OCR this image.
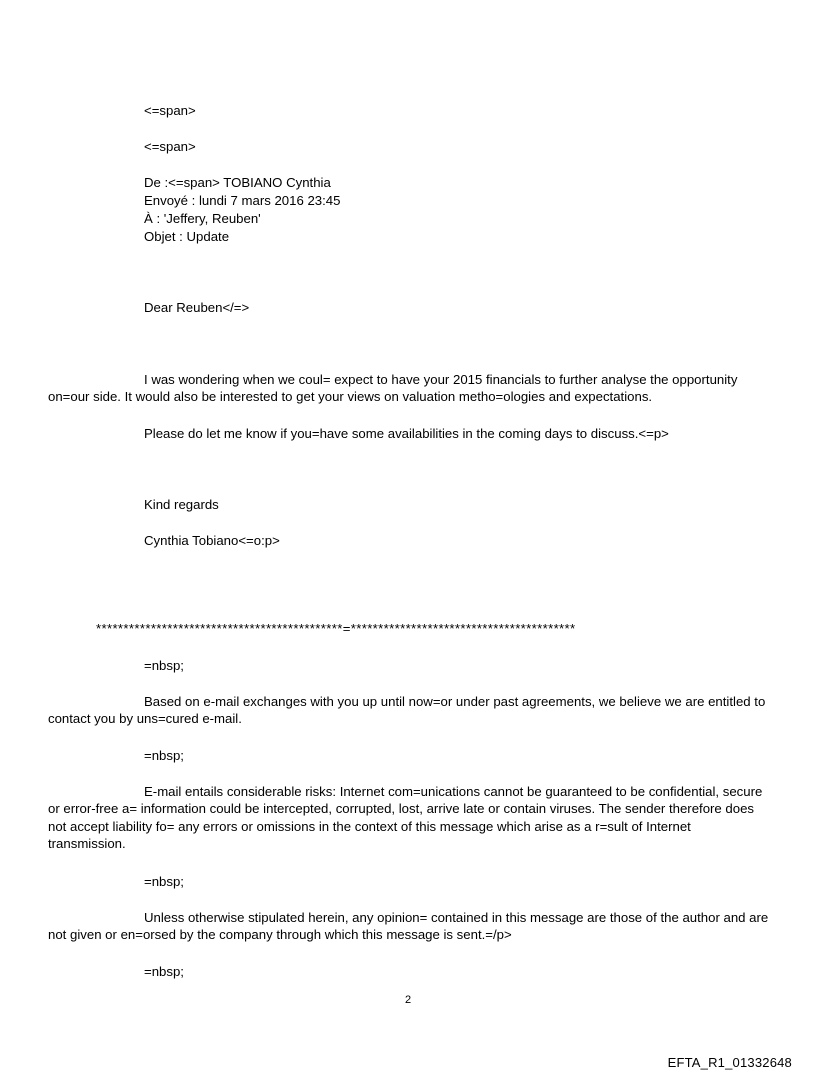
<=span>
<=span>
De :<=span> TOBIANO Cynthia
Envoyé : lundi 7 mars 2016 23:45
À : 'Jeffery, Reuben'
Objet : Update
Dear Reuben</=>
I was wondering when we coul= expect to have your 2015 financials to further analyse the opportunity on=our side. It would also be interested to get your views on valuation metho=ologies and expectations.
Please do let me know if you=have some availabilities in the coming days to discuss.<=p>
Kind regards
Cynthia Tobiano<=o:p>
*********************************************=*****************************************
=nbsp;
Based on e-mail exchanges with you up until now=or under past agreements, we believe we are entitled to contact you by uns=cured e-mail.
=nbsp;
E-mail entails considerable risks: Internet com=unications cannot be guaranteed to be confidential, secure or error-free a= information could be intercepted, corrupted, lost, arrive late or contain viruses. The sender therefore does not accept liability fo= any errors or omissions in the context of this message which arise as a r=sult of Internet transmission.
=nbsp;
Unless otherwise stipulated herein, any opinion= contained in this message are those of the author and are not given or en=orsed by the company through which this message is sent.=/p>
=nbsp;
2
EFTA_R1_01332648
